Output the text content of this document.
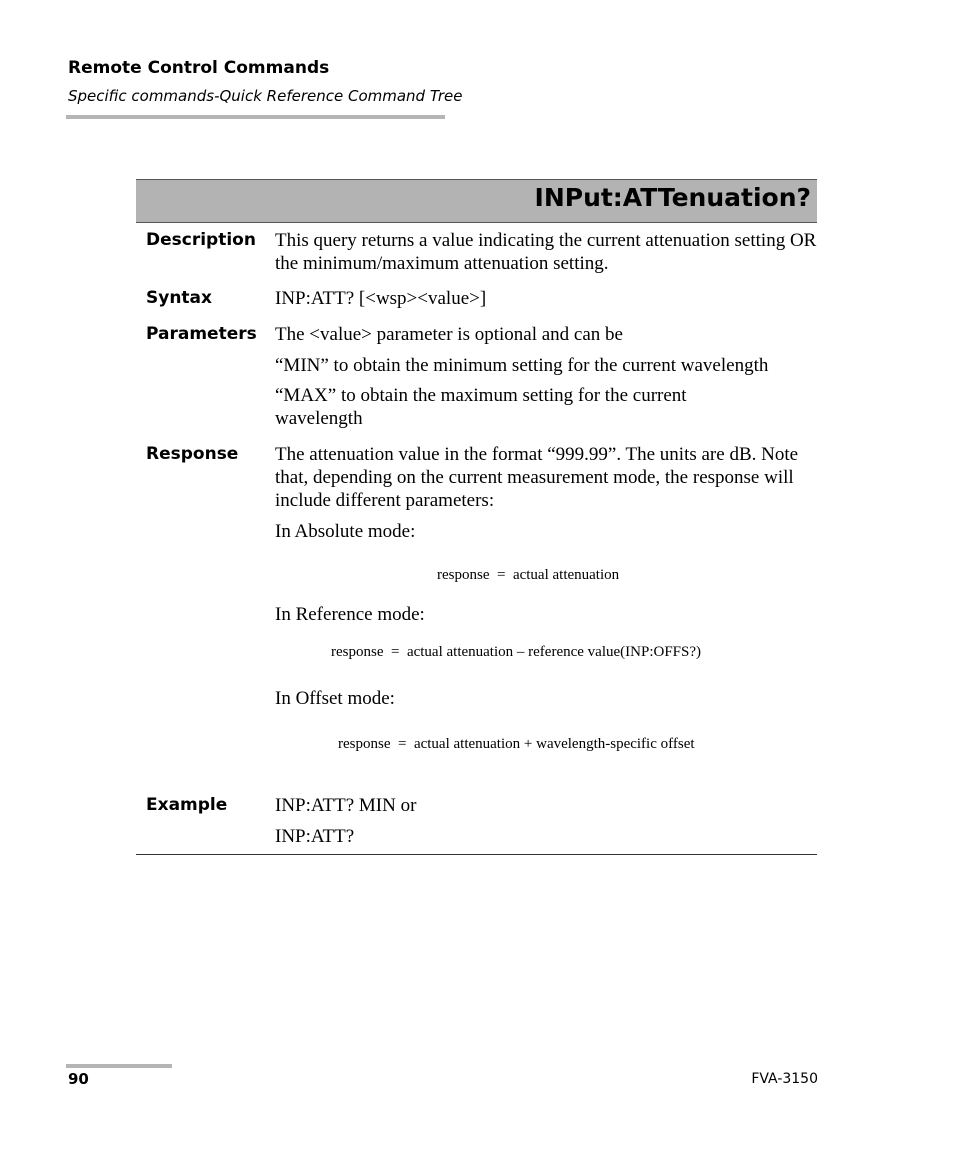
Remote Control Commands
Specific commands-Quick Reference Command Tree
INPut:ATTenuation?
Description This query returns a value indicating the current attenuation setting OR the minimum/maximum attenuation setting.
Syntax	INP:ATT? [<wsp><value>]
Parameters The <value> parameter is optional and can be
“MIN” to obtain the minimum setting for the current wavelength
“MAX” to obtain the maximum setting for the current wavelength
Response The attenuation value in the format “999.99”. The units are dB. Note that, depending on the current measurement mode, the response will include different parameters:
In Absolute mode:
response  =  actual attenuation
In Reference mode:
response  =  actual attenuation – reference value(INP:OFFS?)
In Offset mode:
response  =  actual attenuation + wavelength-specific offset
Example	INP:ATT? MIN or
INP:ATT?
90	FVA-3150
